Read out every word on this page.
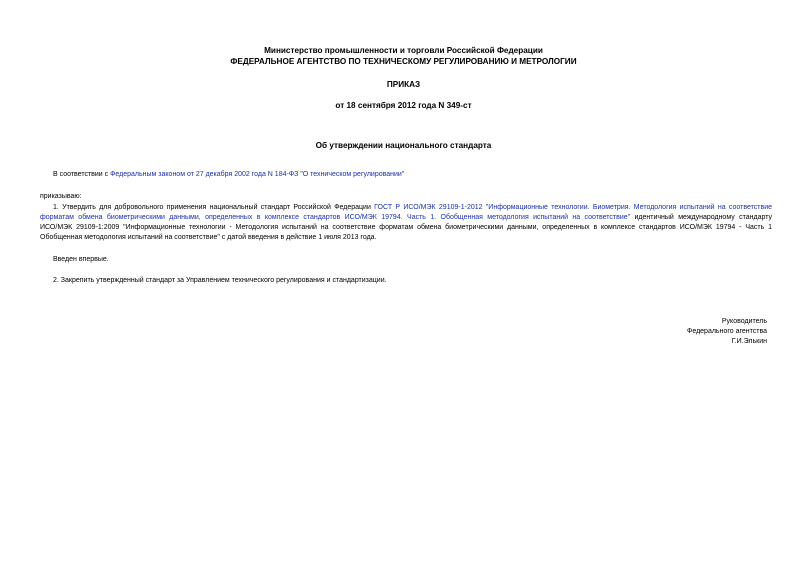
Министерство промышленности и торговли Российской Федерации
ФЕДЕРАЛЬНОЕ АГЕНТСТВО ПО ТЕХНИЧЕСКОМУ РЕГУЛИРОВАНИЮ И МЕТРОЛОГИИ
ПРИКАЗ
от 18 сентября 2012 года N 349-ст
Об утверждении национального стандарта
В соответствии с Федеральным законом от 27 декабря 2002 года N 184-ФЗ "О техническом регулировании"
приказываю:
1. Утвердить для добровольного применения национальный стандарт Российской Федерации ГОСТ Р ИСО/МЭК 29109-1-2012 "Информационные технологии. Биометрия. Методология испытаний на соответствие
форматам обмена биометрическими данными, определенных в комплексе стандартов ИСО/МЭК 19794. Часть 1. Обобщенная методология испытаний на соответствие" идентичный международному стандарту
ИСО/МЭК 29109-1:2009 "Информационные технологии - Методология испытаний на соответствие форматам обмена биометрическими данными, определенных в комплексе стандартов ИСО/МЭК 19794 - Часть 1
Обобщенная методология испытаний на соответствие" с датой введения в действие 1 июля 2013 года.
Введен впервые.
2. Закрепить утвержденный стандарт за Управлением технического регулирования и стандартизации.
Руководитель
Федерального агентства
Г.И.Элькин
